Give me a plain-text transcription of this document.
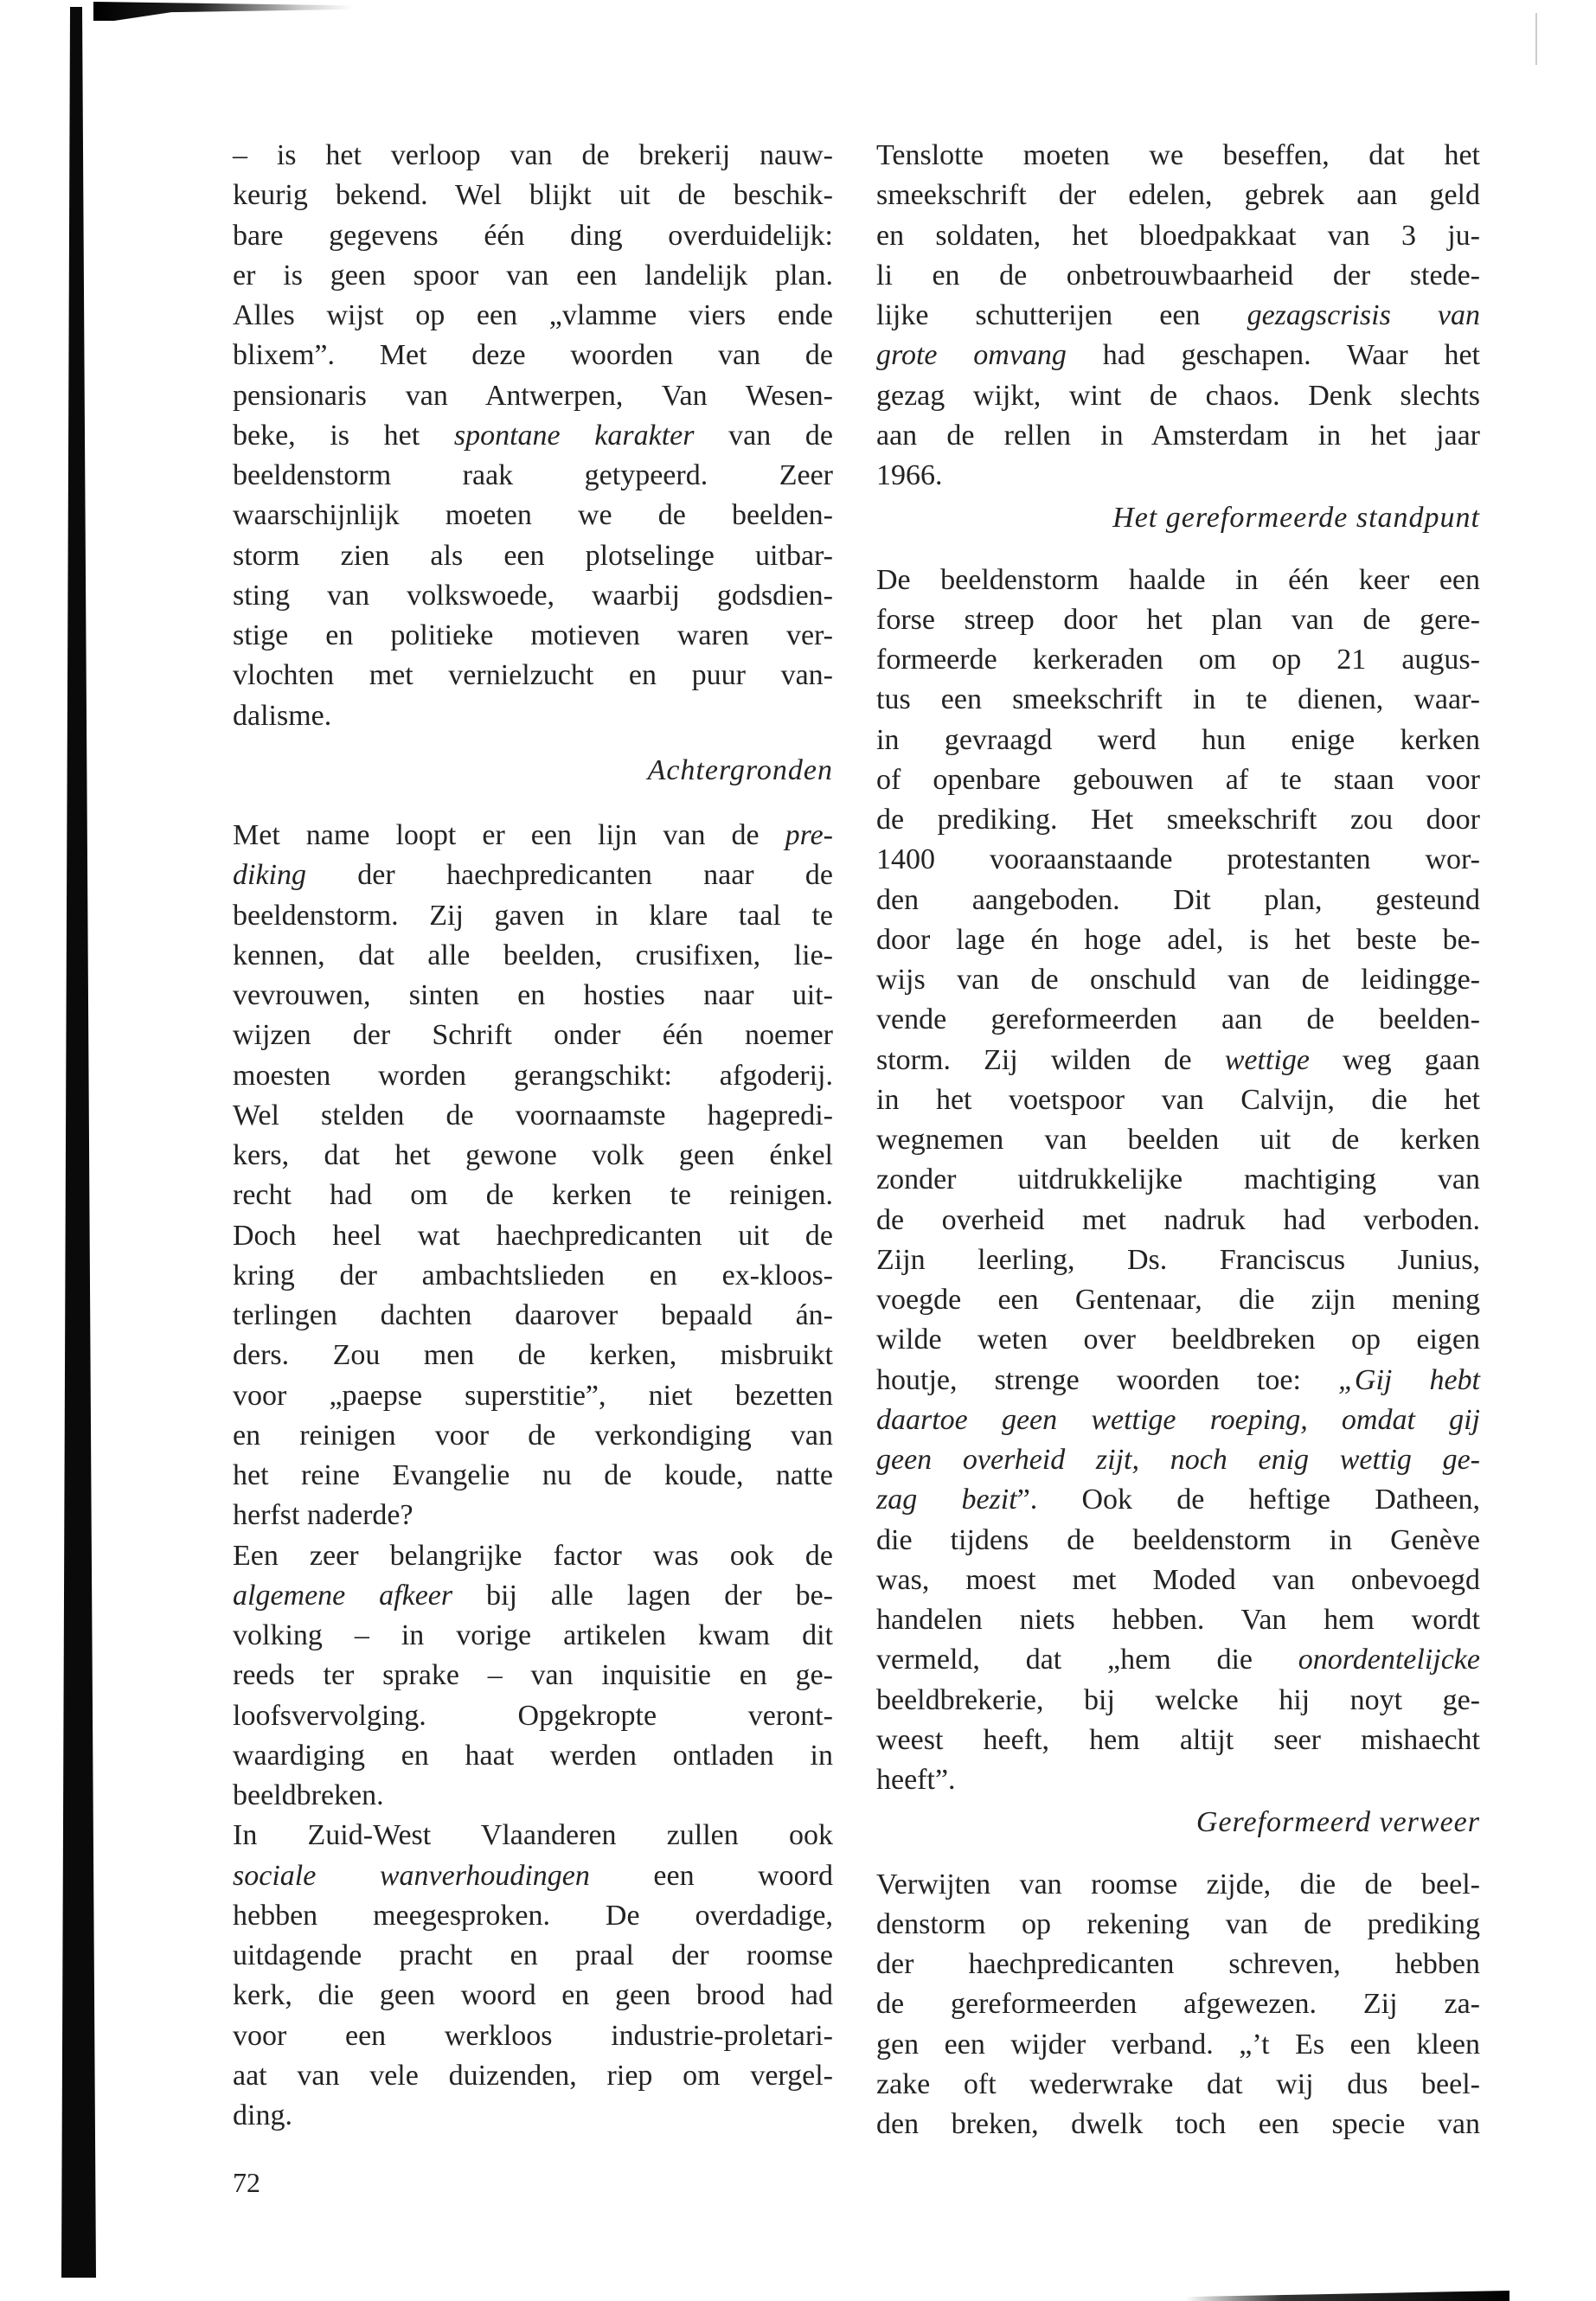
– is het verloop van de brekerij nauw-
keurig bekend. Wel blijkt uit de beschik-
bare gegevens één ding overduidelijk:
er is geen spoor van een landelijk plan.
Alles wijst op een „vlamme viers ende
blixem”. Met deze woorden van de
pensionaris van Antwerpen, Van Wesen-
beke, is het spontane karakter van de
beeldenstorm raak getypeerd. Zeer
waarschijnlijk moeten we de beelden-
storm zien als een plotselinge uitbar-
sting van volkswoede, waarbij godsdien-
stige en politieke motieven waren ver-
vlochten met vernielzucht en puur van-
dalisme.
Achtergronden
Met name loopt er een lijn van de pre-
diking der haechpredicanten naar de
beeldenstorm. Zij gaven in klare taal te
kennen, dat alle beelden, crusifixen, lie-
vevrouwen, sinten en hosties naar uit-
wijzen der Schrift onder één noemer
moesten worden gerangschikt: afgoderij.
Wel stelden de voornaamste hagepredi-
kers, dat het gewone volk geen énkel
recht had om de kerken te reinigen.
Doch heel wat haechpredicanten uit de
kring der ambachtslieden en ex-kloos-
terlingen dachten daarover bepaald án-
ders. Zou men de kerken, misbruikt
voor „paepse superstitie”, niet bezetten
en reinigen voor de verkondiging van
het reine Evangelie nu de koude, natte
herfst naderde?
Een zeer belangrijke factor was ook de
algemene afkeer bij alle lagen der be-
volking – in vorige artikelen kwam dit
reeds ter sprake – van inquisitie en ge-
loofsvervolging. Opgekropte veront-
waardiging en haat werden ontladen in
beeldbreken.
In Zuid-West Vlaanderen zullen ook
sociale wanverhoudingen een woord
hebben meegesproken. De overdadige,
uitdagende pracht en praal der roomse
kerk, die geen woord en geen brood had
voor een werkloos industrie-proletari-
aat van vele duizenden, riep om vergel-
ding.
Tenslotte moeten we beseffen, dat het
smeekschrift der edelen, gebrek aan geld
en soldaten, het bloedpakkaat van 3 ju-
li en de onbetrouwbaarheid der stede-
lijke schutterijen een gezagscrisis van
grote omvang had geschapen. Waar het
gezag wijkt, wint de chaos. Denk slechts
aan de rellen in Amsterdam in het jaar
1966.
Het gereformeerde standpunt
De beeldenstorm haalde in één keer een
forse streep door het plan van de gere-
formeerde kerkeraden om op 21 augus-
tus een smeekschrift in te dienen, waar-
in gevraagd werd hun enige kerken
of openbare gebouwen af te staan voor
de prediking. Het smeekschrift zou door
1400 vooraanstaande protestanten wor-
den aangeboden. Dit plan, gesteund
door lage én hoge adel, is het beste be-
wijs van de onschuld van de leidingge-
vende gereformeerden aan de beelden-
storm. Zij wilden de wettige weg gaan
in het voetspoor van Calvijn, die het
wegnemen van beelden uit de kerken
zonder uitdrukkelijke machtiging van
de overheid met nadruk had verboden.
Zijn leerling, Ds. Franciscus Junius,
voegde een Gentenaar, die zijn mening
wilde weten over beeldbreken op eigen
houtje, strenge woorden toe: „Gij hebt
daartoe geen wettige roeping, omdat gij
geen overheid zijt, noch enig wettig ge-
zag bezit”. Ook de heftige Datheen,
die tijdens de beeldenstorm in Genève
was, moest met Moded van onbevoegd
handelen niets hebben. Van hem wordt
vermeld, dat „hem die onordentelijcke
beeldbrekerie, bij welcke hij noyt ge-
weest heeft, hem altijt seer mishaecht
heeft”.
Gereformeerd verweer
Verwijten van roomse zijde, die de beel-
denstorm op rekening van de prediking
der haechpredicanten schreven, hebben
de gereformeerden afgewezen. Zij za-
gen een wijder verband. „’t Es een kleen
zake oft wederwrake dat wij dus beel-
den breken, dwelk toch een specie van
72
